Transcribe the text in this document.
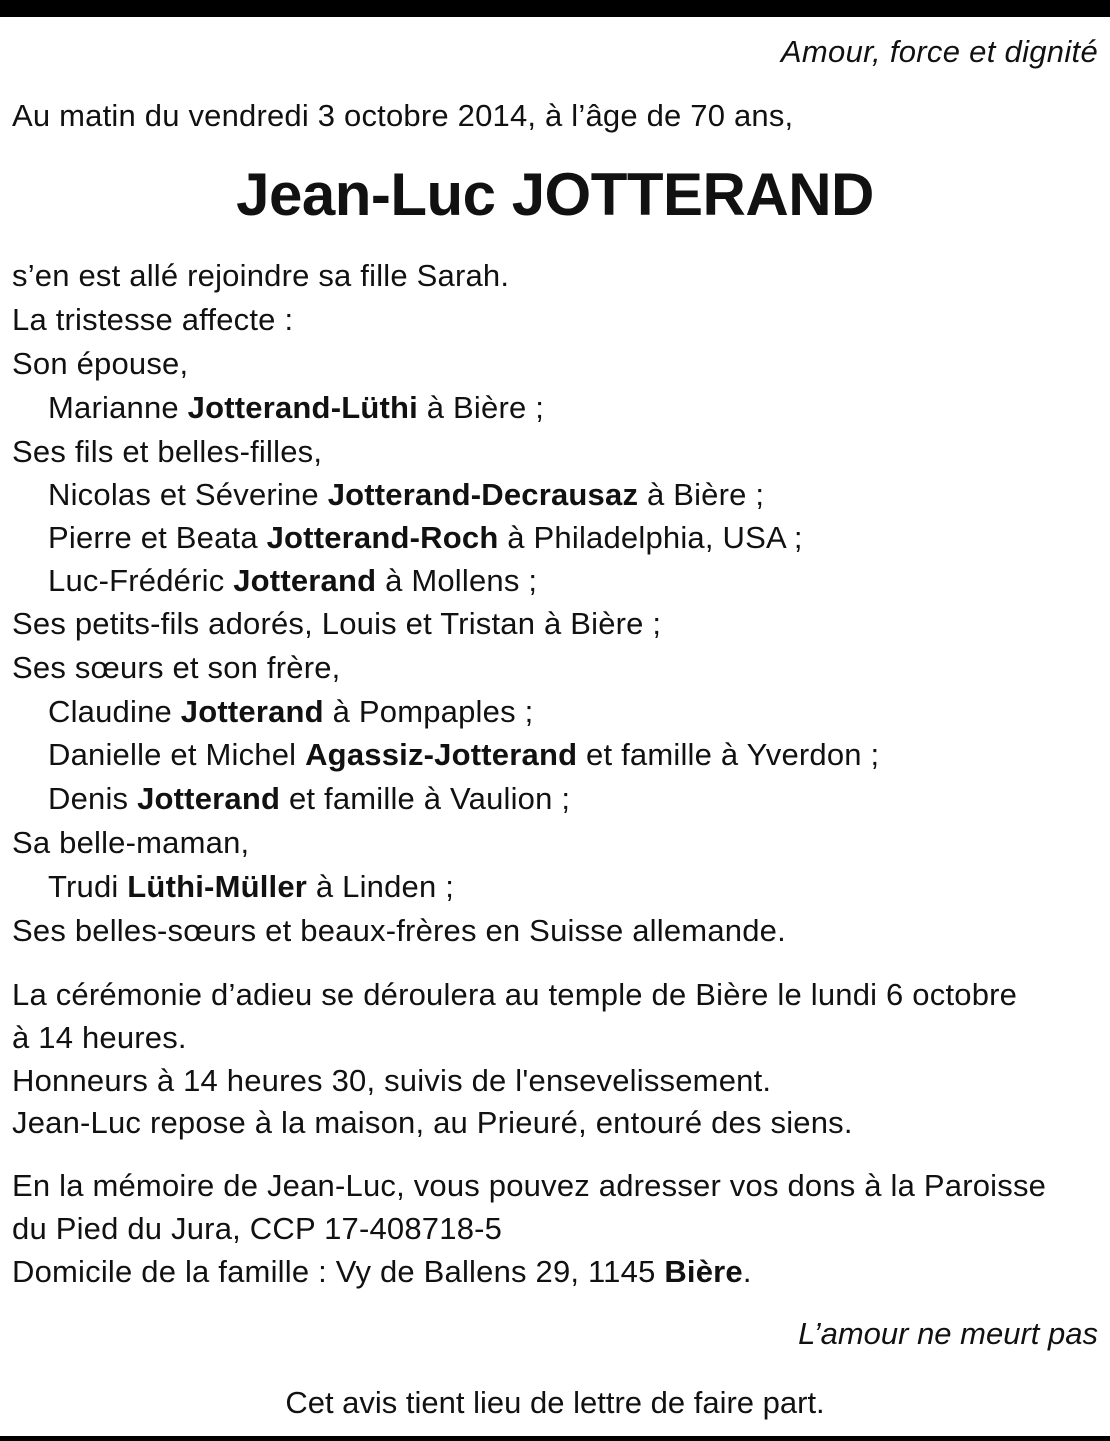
Amour, force et dignité
Au matin du vendredi 3 octobre 2014, à l’âge de 70 ans,
Jean-Luc JOTTERAND
s’en est allé rejoindre sa fille Sarah.
La tristesse affecte :
Son épouse,
Marianne Jotterand-Lüthi à Bière ;
Ses fils et belles-filles,
Nicolas et Séverine Jotterand-Decrausaz à Bière ;
Pierre et Beata Jotterand-Roch à Philadelphia, USA ;
Luc-Frédéric Jotterand à Mollens ;
Ses petits-fils adorés, Louis et Tristan à Bière ;
Ses sœurs et son frère,
Claudine Jotterand à Pompaples ;
Danielle et Michel Agassiz-Jotterand et famille à Yverdon ;
Denis Jotterand et famille à Vaulion ;
Sa belle-maman,
Trudi Lüthi-Müller à Linden ;
Ses belles-sœurs et beaux-frères en Suisse allemande.
La cérémonie d’adieu se déroulera au temple de Bière le lundi 6 octobre
à 14 heures.
Honneurs à 14 heures 30, suivis de l'ensevelissement.
Jean-Luc repose à la maison, au Prieuré, entouré des siens.
En la mémoire de Jean-Luc, vous pouvez adresser vos dons à la Paroisse
du Pied du Jura, CCP 17-408718-5
Domicile de la famille : Vy de Ballens 29, 1145 Bière.
L’amour ne meurt pas
Cet avis tient lieu de lettre de faire part.
